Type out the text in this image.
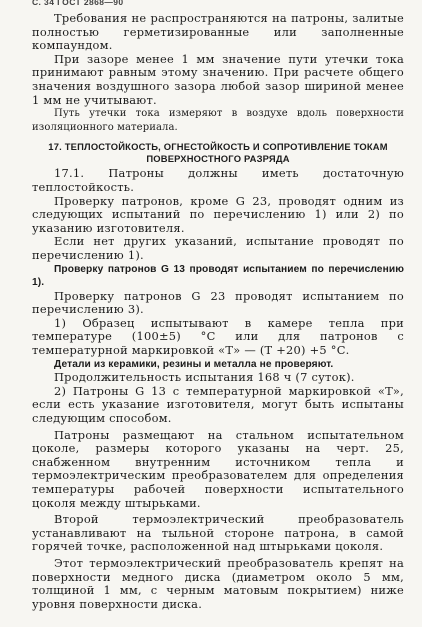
С. 34 ГОСТ 2868—90

Требования не распространяются на патроны, залитые полностью герметизированные или заполненные компаундом.

При зазоре менее 1 мм значение пути утечки тока принимают равным этому значению. При расчете общего значения воздушного зазора любой зазор шириной менее 1 мм не учитывают.

Путь утечки тока измеряют в воздухе вдоль поверхности изоляционного материала.

17. ТЕПЛОСТОЙКОСТЬ, ОГНЕСТОЙКОСТЬ И СОПРОТИВЛЕНИЕ ТОКАМ ПОВЕРХНОСТНОГО РАЗРЯДА

17.1. Патроны должны иметь достаточную теплостойкость.

Проверку патронов, кроме G 23, проводят одним из следующих испытаний по перечислению 1) или 2) по указанию изготовителя.

Если нет других указаний, испытание проводят по перечислению 1).

Проверку патронов G 13 проводят испытанием по перечислению 1).

Проверку патронов G 23 проводят испытанием по перечислению 3).

1) Образец испытывают в камере тепла при температуре (100±5) °С или для патронов с температурной маркировкой «Т» — (Т +20) +5 °С.

Детали из керамики, резины и металла не проверяют.

Продолжительность испытания 168 ч (7 суток).

2) Патроны G 13 с температурной маркировкой «Т», если есть указание изготовителя, могут быть испытаны следующим способом.

Патроны размещают на стальном испытательном цоколе, размеры которого указаны на черт. 25, снабженном внутренним источником тепла и термоэлектрическим преобразователем для определения температуры рабочей поверхности испытательного цоколя между штырьками.

Второй термоэлектрический преобразователь устанавливают на тыльной стороне патрона, в самой горячей точке, расположенной над штырьками цоколя.

Этот термоэлектрический преобразователь крепят на поверхности медного диска (диаметром около 5 мм, толщиной 1 мм, с черным матовым покрытием) ниже уровня поверхности диска.
